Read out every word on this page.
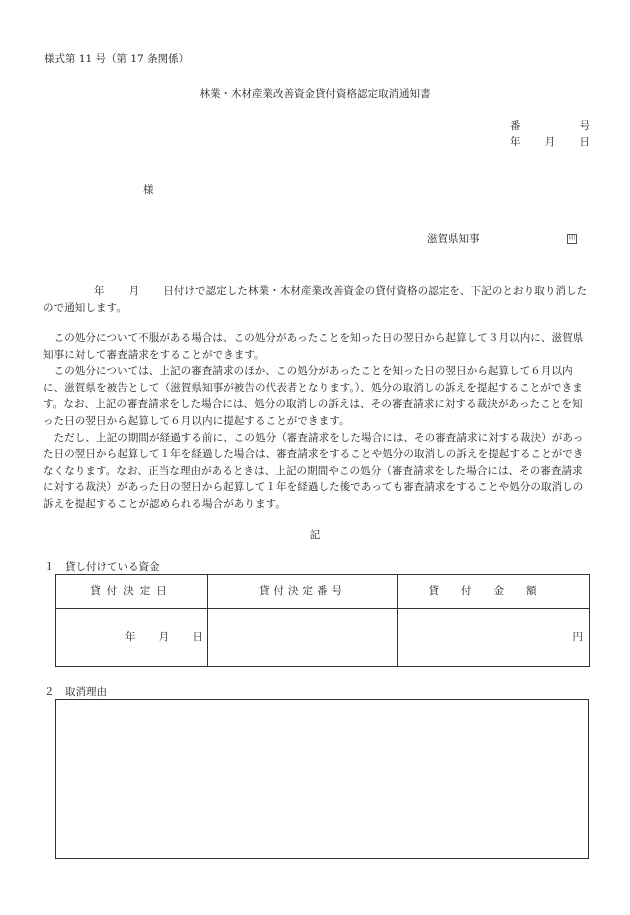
様式第 11 号（第 17 条関係）
林業・木材産業改善資金貸付資格認定取消通知書
番	号
年 月 日
様
滋賀県知事	印
年 月 日付けで認定した林業・木材産業改善資金の貸付資格の認定を、下記のとおり取り消したので通知します。

　この処分について不服がある場合は、この処分があったことを知った日の翌日から起算して３月以内に、滋賀県知事に対して審査請求をすることができます。

　この処分については、上記の審査請求のほか、この処分があったことを知った日の翌日から起算して６月以内に、滋賀県を被告として（滋賀県知事が被告の代表者となります。）、処分の取消しの訴えを提起することができます。なお、上記の審査請求をした場合には、処分の取消しの訴えは、その審査請求に対する裁決があったことを知った日の翌日から起算して６月以内に提起することができます。

　ただし、上記の期間が経過する前に、この処分（審査請求をした場合には、その審査請求に対する裁決）があった日の翌日から起算して１年を経過した場合は、審査請求をすることや処分の取消しの訴えを提起することができなくなります。なお、正当な理由があるときは、上記の期間やこの処分（審査請求をした場合には、その審査請求に対する裁決）があった日の翌日から起算して１年を経過した後であっても審査請求をすることや処分の取消しの訴えを提起することが認められる場合があります。

記
１　貸し付けている資金
貸付決定日	貸付決定番号	貸付金額
年 月 日		円
２　取消理由
